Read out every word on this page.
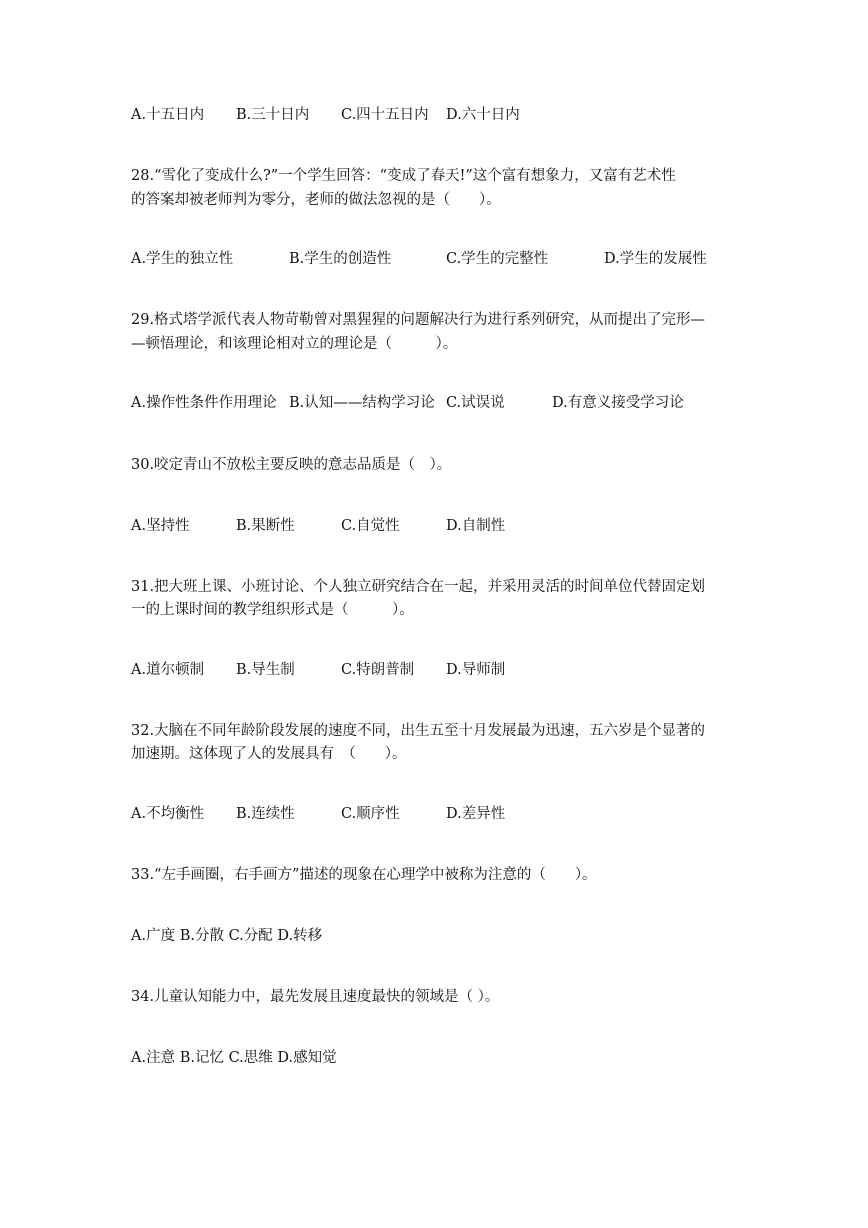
A.十五日内 B.三十日内 C.四十五日内 D.六十日内
28.“雪化了变成什么?”一个学生回答：“变成了春天!”这个富有想象力，又富有艺术性
的答案却被老师判为零分，老师的做法忽视的是（　　）。
A.学生的独立性	B.学生的创造性	C.学生的完整性	D.学生的发展性
29.格式塔学派代表人物苛勒曾对黑猩猩的问题解决行为进行系列研究，从而提出了完形—
—顿悟理论，和该理论相对立的理论是（　　　）。
A.操作性条件作用理论 B.认知——结构学习论 C.试误说	D.有意义接受学习论
30.咬定青山不放松主要反映的意志品质是（　）。
A.坚持性	B.果断性	C.自觉性	D.自制性
31.把大班上课、小班讨论、个人独立研究结合在一起，并采用灵活的时间单位代替固定划
一的上课时间的教学组织形式是（　　　）。
A.道尔顿制 B.导生制	C.特朗普制 D.导师制
32.大脑在不同年龄阶段发展的速度不同，出生五至十月发展最为迅速，五六岁是个显著的
加速期。这体现了人的发展具有　（　　）。
A.不均衡性 B.连续性	C.顺序性	D.差异性
33.“左手画圈，右手画方”描述的现象在心理学中被称为注意的（　　）。
A.广度 B.分散 C.分配 D.转移
34.儿童认知能力中，最先发展且速度最快的领域是（ ）。
A.注意 B.记忆 C.思维 D.感知觉
